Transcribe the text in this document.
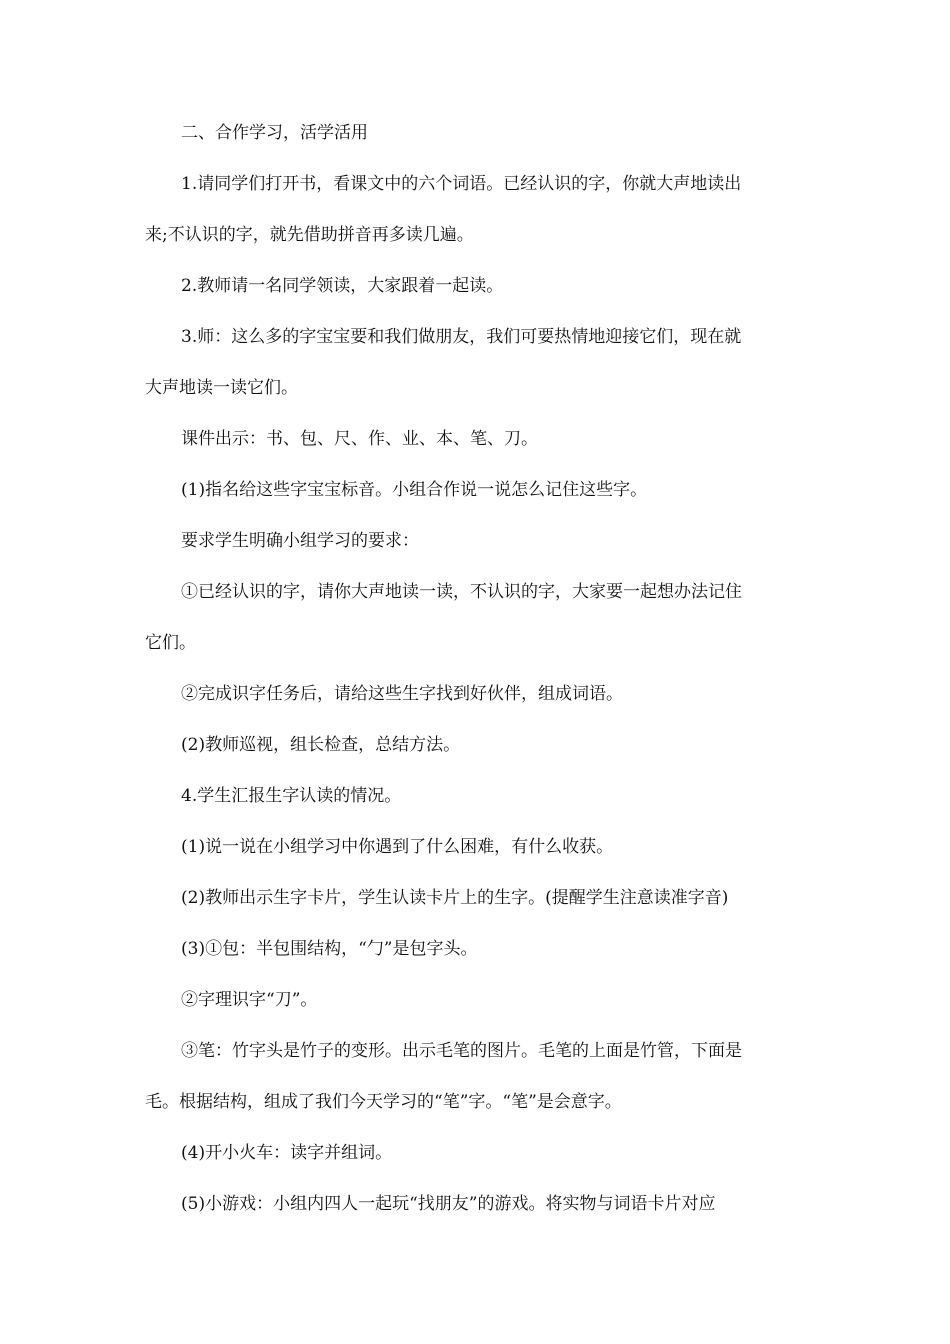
二、合作学习，活学活用

1.请同学们打开书，看课文中的六个词语。已经认识的字，你就大声地读出

来;不认识的字，就先借助拼音再多读几遍。

2.教师请一名同学领读，大家跟着一起读。

3.师：这么多的字宝宝要和我们做朋友，我们可要热情地迎接它们，现在就

大声地读一读它们。

课件出示：书、包、尺、作、业、本、笔、刀。

(1)指名给这些字宝宝标音。小组合作说一说怎么记住这些字。

要求学生明确小组学习的要求：

①已经认识的字，请你大声地读一读，不认识的字，大家要一起想办法记住

它们。

②完成识字任务后，请给这些生字找到好伙伴，组成词语。

(2)教师巡视，组长检查，总结方法。

4.学生汇报生字认读的情况。

(1)说一说在小组学习中你遇到了什么困难，有什么收获。

(2)教师出示生字卡片，学生认读卡片上的生字。(提醒学生注意读准字音)

(3)①包：半包围结构，“勹”是包字头。

②字理识字“刀”。

③笔：竹字头是竹子的变形。出示毛笔的图片。毛笔的上面是竹管，下面是

毛。根据结构，组成了我们今天学习的“笔”字。“笔”是会意字。

(4)开小火车：读字并组词。

(5)小游戏：小组内四人一起玩“找朋友”的游戏。将实物与词语卡片对应
